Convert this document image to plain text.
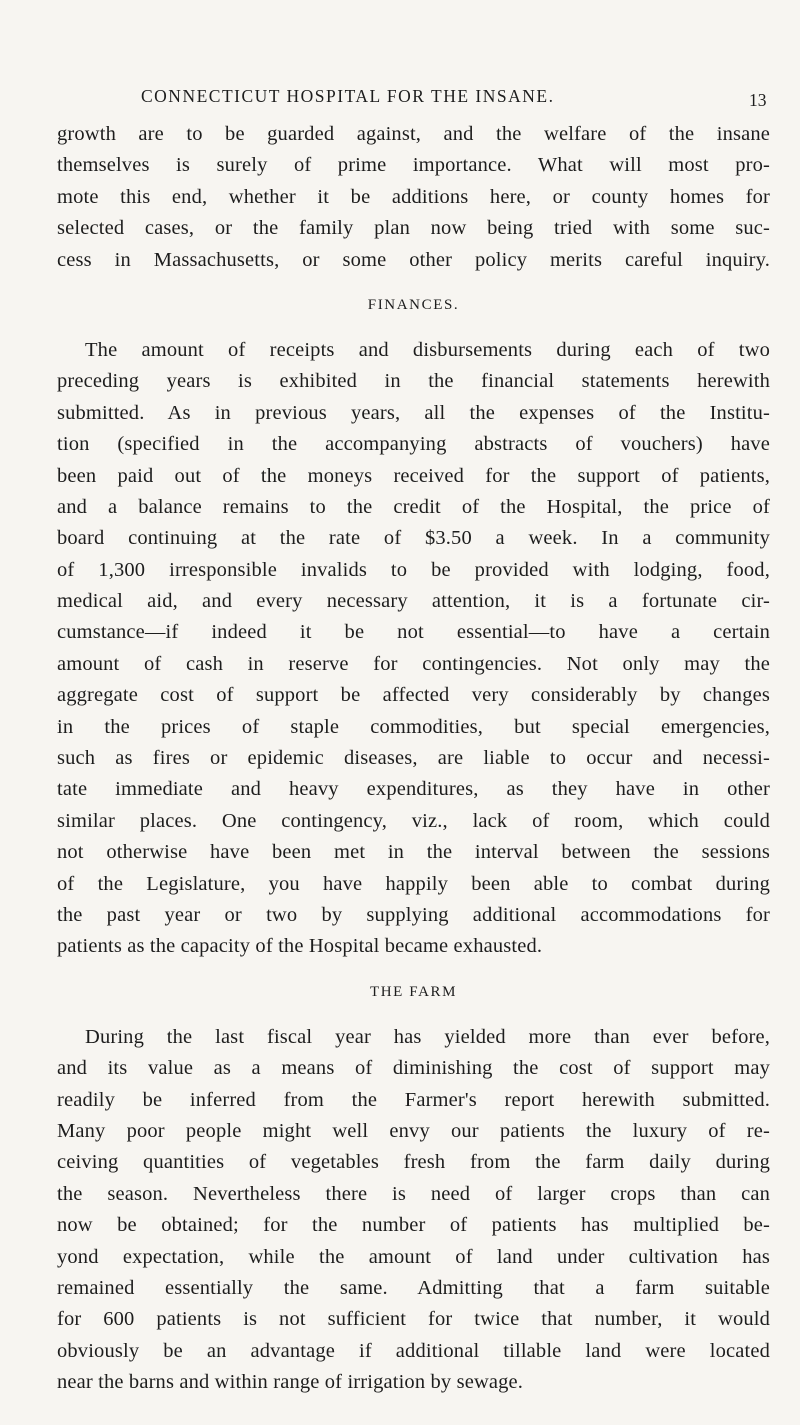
CONNECTICUT HOSPITAL FOR THE INSANE.	13
growth are to be guarded against, and the welfare of the insane
themselves is surely of prime importance. What will most pro-
mote this end, whether it be additions here, or county homes for
selected cases, or the family plan now being tried with some suc-
cess in Massachusetts, or some other policy merits careful inquiry.
FINANCES.
The amount of receipts and disbursements during each of two
preceding years is exhibited in the financial statements herewith
submitted. As in previous years, all the expenses of the Institu-
tion (specified in the accompanying abstracts of vouchers) have
been paid out of the moneys received for the support of patients,
and a balance remains to the credit of the Hospital, the price of
board continuing at the rate of $3.50 a week. In a community
of 1,300 irresponsible invalids to be provided with lodging, food,
medical aid, and every necessary attention, it is a fortunate cir-
cumstance—if indeed it be not essential—to have a certain
amount of cash in reserve for contingencies. Not only may the
aggregate cost of support be affected very considerably by changes
in the prices of staple commodities, but special emergencies,
such as fires or epidemic diseases, are liable to occur and necessi-
tate immediate and heavy expenditures, as they have in other
similar places. One contingency, viz., lack of room, which could
not otherwise have been met in the interval between the sessions
of the Legislature, you have happily been able to combat during
the past year or two by supplying additional accommodations for
patients as the capacity of the Hospital became exhausted.
THE FARM
During the last fiscal year has yielded more than ever before,
and its value as a means of diminishing the cost of support may
readily be inferred from the Farmer's report herewith submitted.
Many poor people might well envy our patients the luxury of re-
ceiving quantities of vegetables fresh from the farm daily during
the season. Nevertheless there is need of larger crops than can
now be obtained; for the number of patients has multiplied be-
yond expectation, while the amount of land under cultivation has
remained essentially the same. Admitting that a farm suitable
for 600 patients is not sufficient for twice that number, it would
obviously be an advantage if additional tillable land were located
near the barns and within range of irrigation by sewage.
